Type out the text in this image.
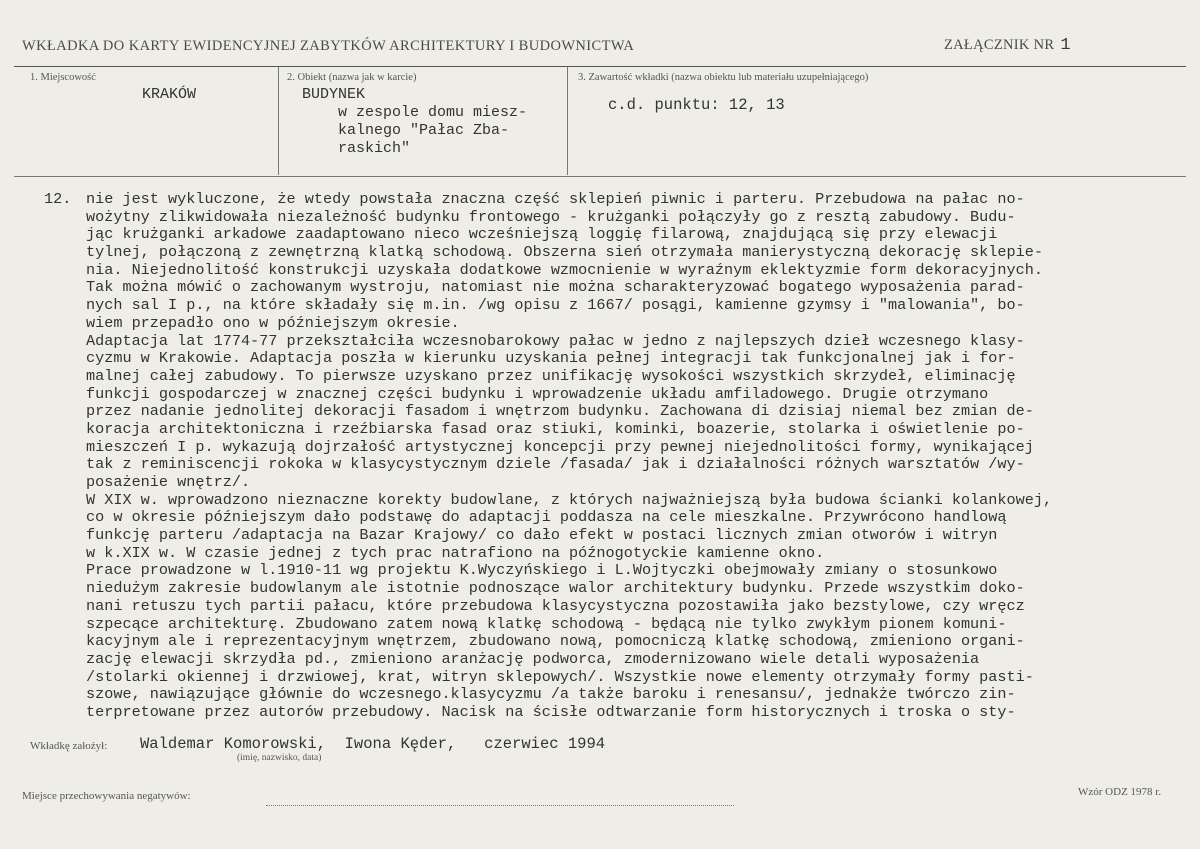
WKŁADKA DO KARTY EWIDENCYJNEJ ZABYTKÓW ARCHITEKTURY I BUDOWNICTWA	ZAŁĄCZNIK NR 1
1. Miejscowość
KRAKÓW
2. Obiekt (nazwa jak w karcie)
BUDYNEK
w zespole domu miesz-
kalnego "Pałac Zba-
raskich"
3. Zawartość wkładki (nazwa obiektu lub materiału uzupełniającego)
c.d. punktu: 12, 13
12. nie jest wykluczone, że wtedy powstała znaczna część sklepień piwnic i parteru. Przebudowa na pałac no-
wożytny zlikwidowała niezależność budynku frontowego - krużganki połączyły go z resztą zabudowy. Budu-
jąc krużganki arkadowe zaadaptowano nieco wcześniejszą loggię filarową, znajdującą się przy elewacji
tylnej, połączoną z zewnętrzną klatką schodową. Obszerna sień otrzymała manierystyczną dekorację sklepie-
nia. Niejednolitość konstrukcji uzyskała dodatkowe wzmocnienie w wyraźnym eklektyzmie form dekoracyjnych.
Tak można mówić o zachowanym wystroju, natomiast nie można scharakteryzować bogatego wyposażenia parad-
nych sal I p., na które składały się m.in. /wg opisu z 1667/ posągi, kamienne gzymsy i "malowania", bo-
wiem przepadło ono w późniejszym okresie.
Adaptacja lat 1774-77 przekształciła wczesnobarokowy pałac w jedno z najlepszych dzieł wczesnego klasy-
cyzmu w Krakowie. Adaptacja poszła w kierunku uzyskania pełnej integracji tak funkcjonalnej jak i for-
malnej całej zabudowy. To pierwsze uzyskano przez unifikację wysokości wszystkich skrzydeł, eliminację
funkcji gospodarczej w znacznej części budynku i wprowadzenie układu amfiladowego. Drugie otrzymano
przez nadanie jednolitej dekoracji fasadom i wnętrzom budynku. Zachowana di dzisiaj niemal bez zmian de-
koracja architektoniczna i rzeźbiarska fasad oraz stiuki, kominki, boazerie, stolarka i oświetlenie po-
mieszczeń I p. wykazują dojrzałość artystycznej koncepcji przy pewnej niejednolitości formy, wynikającej
tak z reminiscencji rokoka w klasycystycznym dziele /fasada/ jak i działalności różnych warsztatów /wy-
posażenie wnętrz/.
W XIX w. wprowadzono nieznaczne korekty budowlane, z których najważniejszą była budowa ścianki kolankowej,
co w okresie późniejszym dało podstawę do adaptacji poddasza na cele mieszkalne. Przywrócono handlową
funkcję parteru /adaptacja na Bazar Krajowy/ co dało efekt w postaci licznych zmian otworów i witryn
w k.XIX w. W czasie jednej z tych prac natrafiono na późnogotyckie kamienne okno.
Prace prowadzone w l.1910-11 wg projektu K.Wyczyńskiego i L.Wojtyczki obejmowały zmiany o stosunkowo
niedużym zakresie budowlanym ale istotnie podnoszące walor architektury budynku. Przede wszystkim doko-
nani retuszu tych partii pałacu, które przebudowa klasycystyczna pozostawiła jako bezstylowe, czy wręcz
szpecące architekturę. Zbudowano zatem nową klatkę schodową - będącą nie tylko zwykłym pionem komuni-
kacyjnym ale i reprezentacyjnym wnętrzem, zbudowano nową, pomocniczą klatkę schodową, zmieniono organi-
zację elewacji skrzydła pd., zmieniono aranżację podworca, zmodernizowano wiele detali wyposażenia
/stolarki okiennej i drzwiowej, krat, witryn sklepowych/. Wszystkie nowe elementy otrzymały formy pasti-
szowe, nawiązujące głównie do wczesnego.klasycyzmu /a także baroku i renesansu/, jednakże twórczo zin-
terpretowane przez autorów przebudowy. Nacisk na ścisłe odtwarzanie form historycznych i troska o sty-
Wkładkę założył: Waldemar Komorowski,  Iwona Kęder,   czerwiec 1994
(imię, nazwisko, data)
Miejsce przechowywania negatywów:	Wzór ODZ 1978 r.
